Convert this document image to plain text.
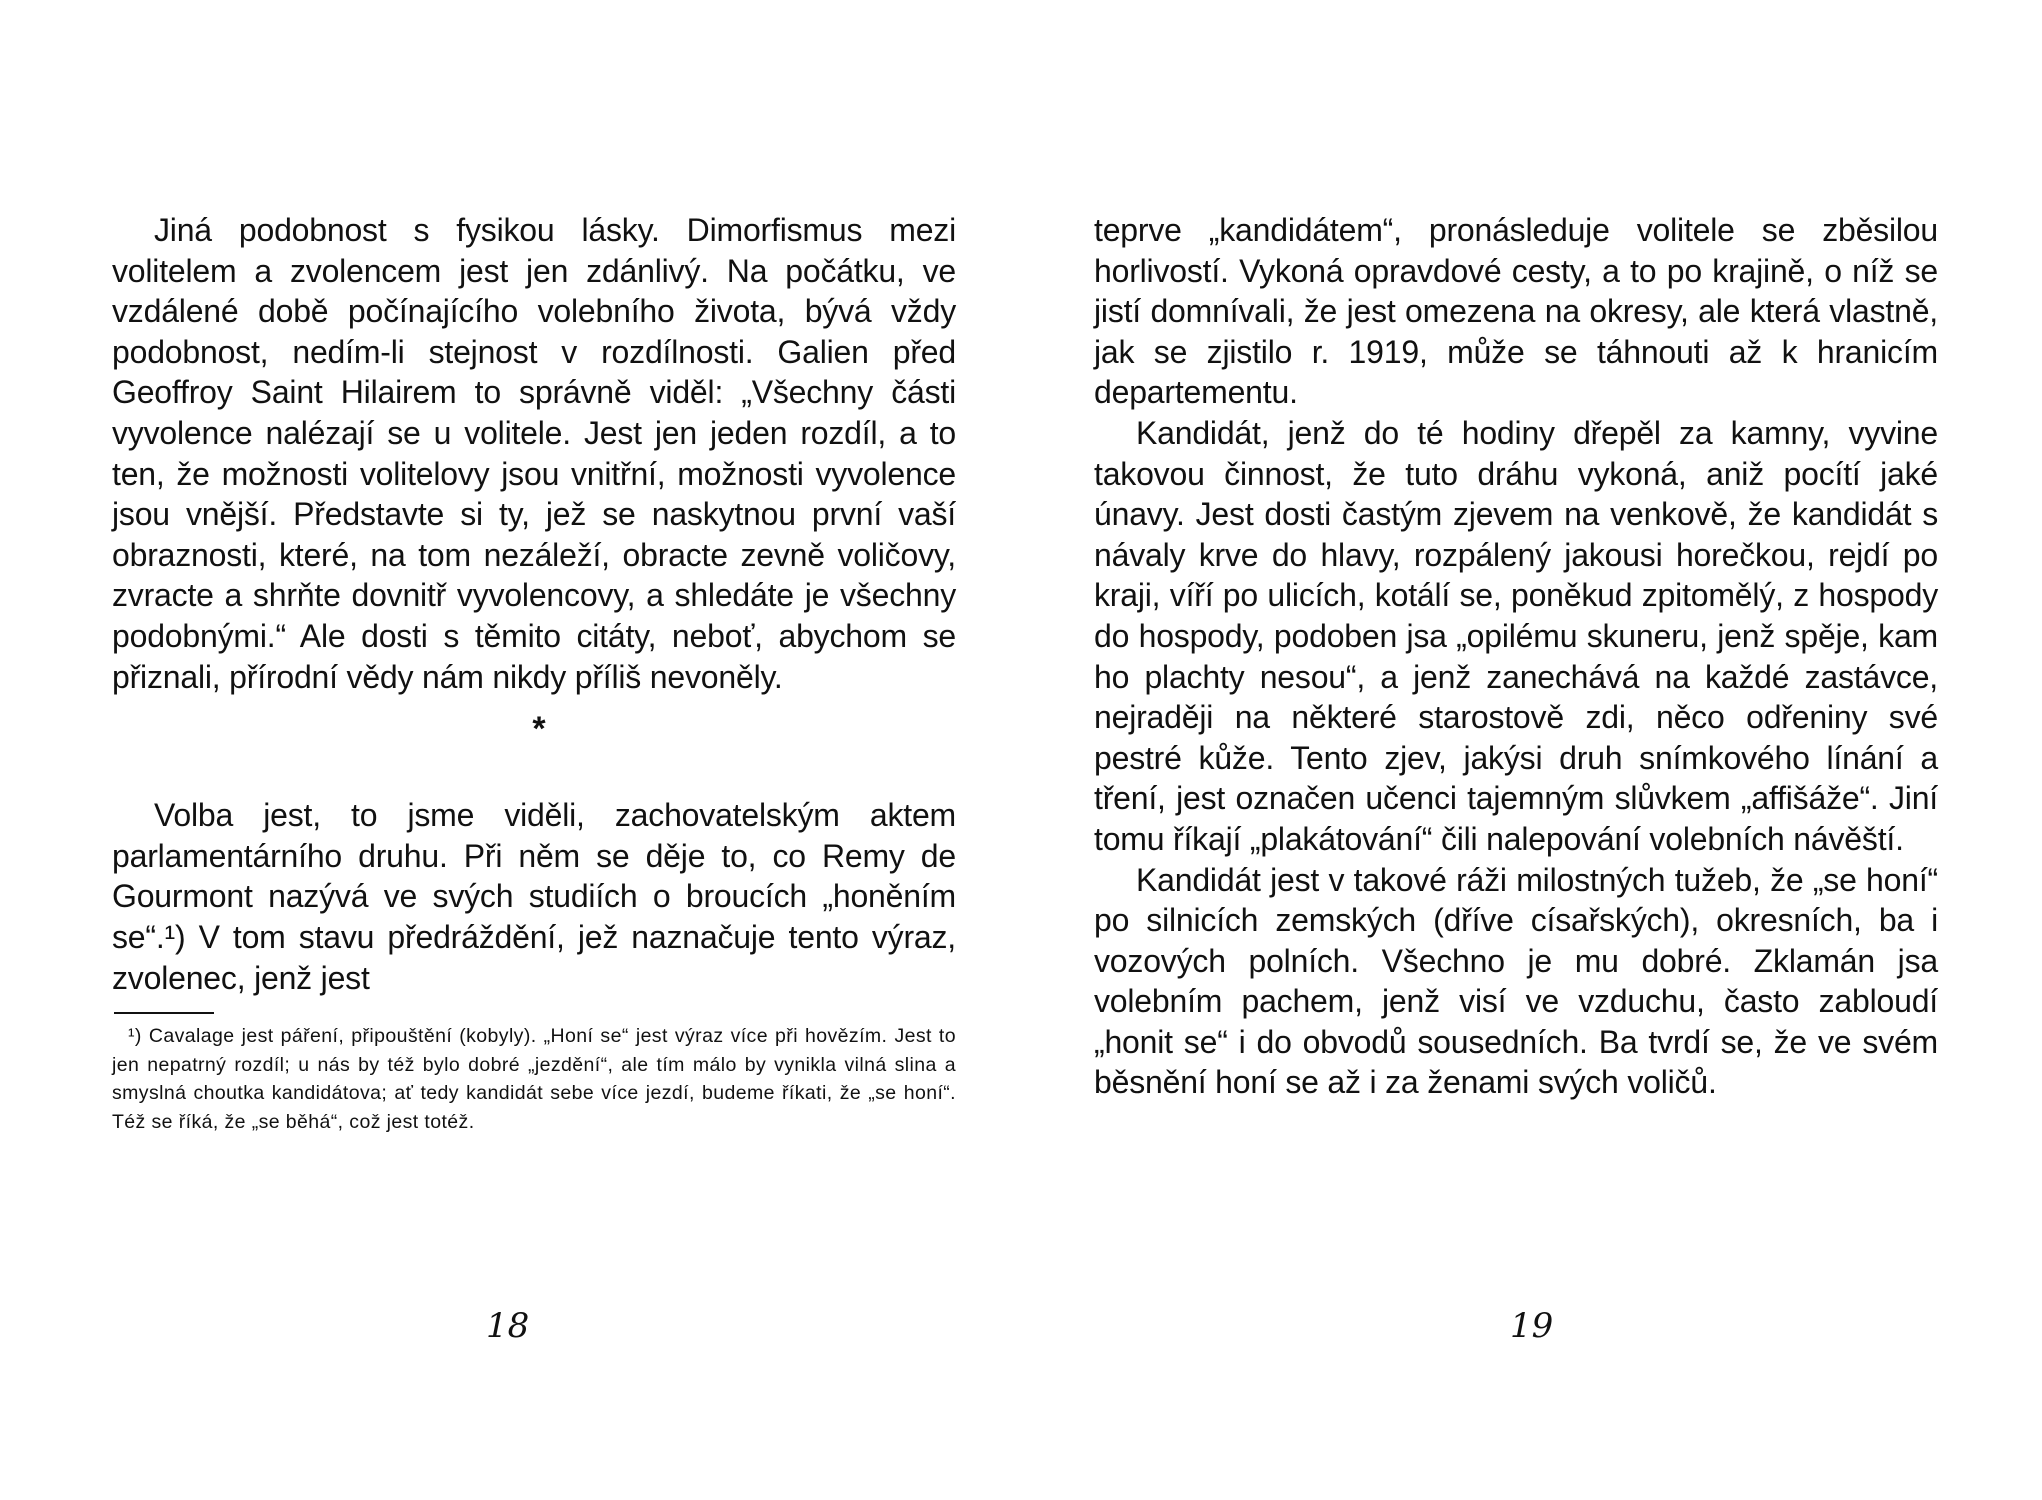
Jiná podobnost s fysikou lásky. Dimorfismus mezi volitelem a zvolencem jest jen zdánlivý. Na počátku, ve vzdálené době počínajícího volebního života, bývá vždy podobnost, nedím-li stejnost v rozdílnosti. Galien před Geoffroy Saint Hilairem to správně viděl: „Všechny části vyvolence nalézají se u volitele. Jest jen jeden rozdíl, a to ten, že možnosti volitelovy jsou vnitřní, možnosti vyvolence jsou vnější. Představte si ty, jež se naskytnou první vaší obraznosti, které, na tom nezáleží, obracte zevně voličovy, zvracte a shrňte dovnitř vyvolencovy, a shledáte je všechny podobnými.“ Ale dosti s těmito citáty, neboť, abychom se přiznali, přírodní vědy nám nikdy příliš nevoněly.

*

Volba jest, to jsme viděli, zachovatelským aktem parlamentárního druhu. Při něm se děje to, co Remy de Gourmont nazývá ve svých studiích o broucích „honěním se“.¹) V tom stavu předráždění, jež naznačuje tento výraz, zvolenec, jenž jest

¹) Cavalage jest páření, připouštění (kobyly). „Honí se“ jest výraz více při hovězím. Jest to jen nepatrný rozdíl; u nás by též bylo dobré „jezdění“, ale tím málo by vynikla vilná slina a smyslná choutka kandidátova; ať tedy kandidát sebe více jezdí, budeme říkati, že „se honí“. Též se říká, že „se běhá“, což jest totéž.

18

teprve „kandidátem“, pronásleduje volitele se zběsilou horlivostí. Vykoná opravdové cesty, a to po krajině, o níž se jistí domnívali, že jest omezena na okresy, ale která vlastně, jak se zjistilo r. 1919, může se táhnouti až k hranicím departementu.

Kandidát, jenž do té hodiny dřepěl za kamny, vyvine takovou činnost, že tuto dráhu vykoná, aniž pocítí jaké únavy. Jest dosti častým zjevem na venkově, že kandidát s návaly krve do hlavy, rozpálený jakousi horečkou, rejdí po kraji, víří po ulicích, kotálí se, poněkud zpitomělý, z hospody do hospody, podoben jsa „opilému skuneru, jenž spěje, kam ho plachty nesou“, a jenž zanechává na každé zastávce, nejraději na některé starostově zdi, něco odřeniny své pestré kůže. Tento zjev, jakýsi druh snímkového línání a tření, jest označen učenci tajemným slůvkem „affišáže“. Jiní tomu říkají „plakátování“ čili nalepování volebních návěští.

Kandidát jest v takové ráži milostných tužeb, že „se honí“ po silnicích zemských (dříve císařských), okresních, ba i vozových polních. Všechno je mu dobré. Zklamán jsa volebním pachem, jenž visí ve vzduchu, často zabloudí „honit se“ i do obvodů sousedních. Ba tvrdí se, že ve svém běsnění honí se až i za ženami svých voličů.

19
